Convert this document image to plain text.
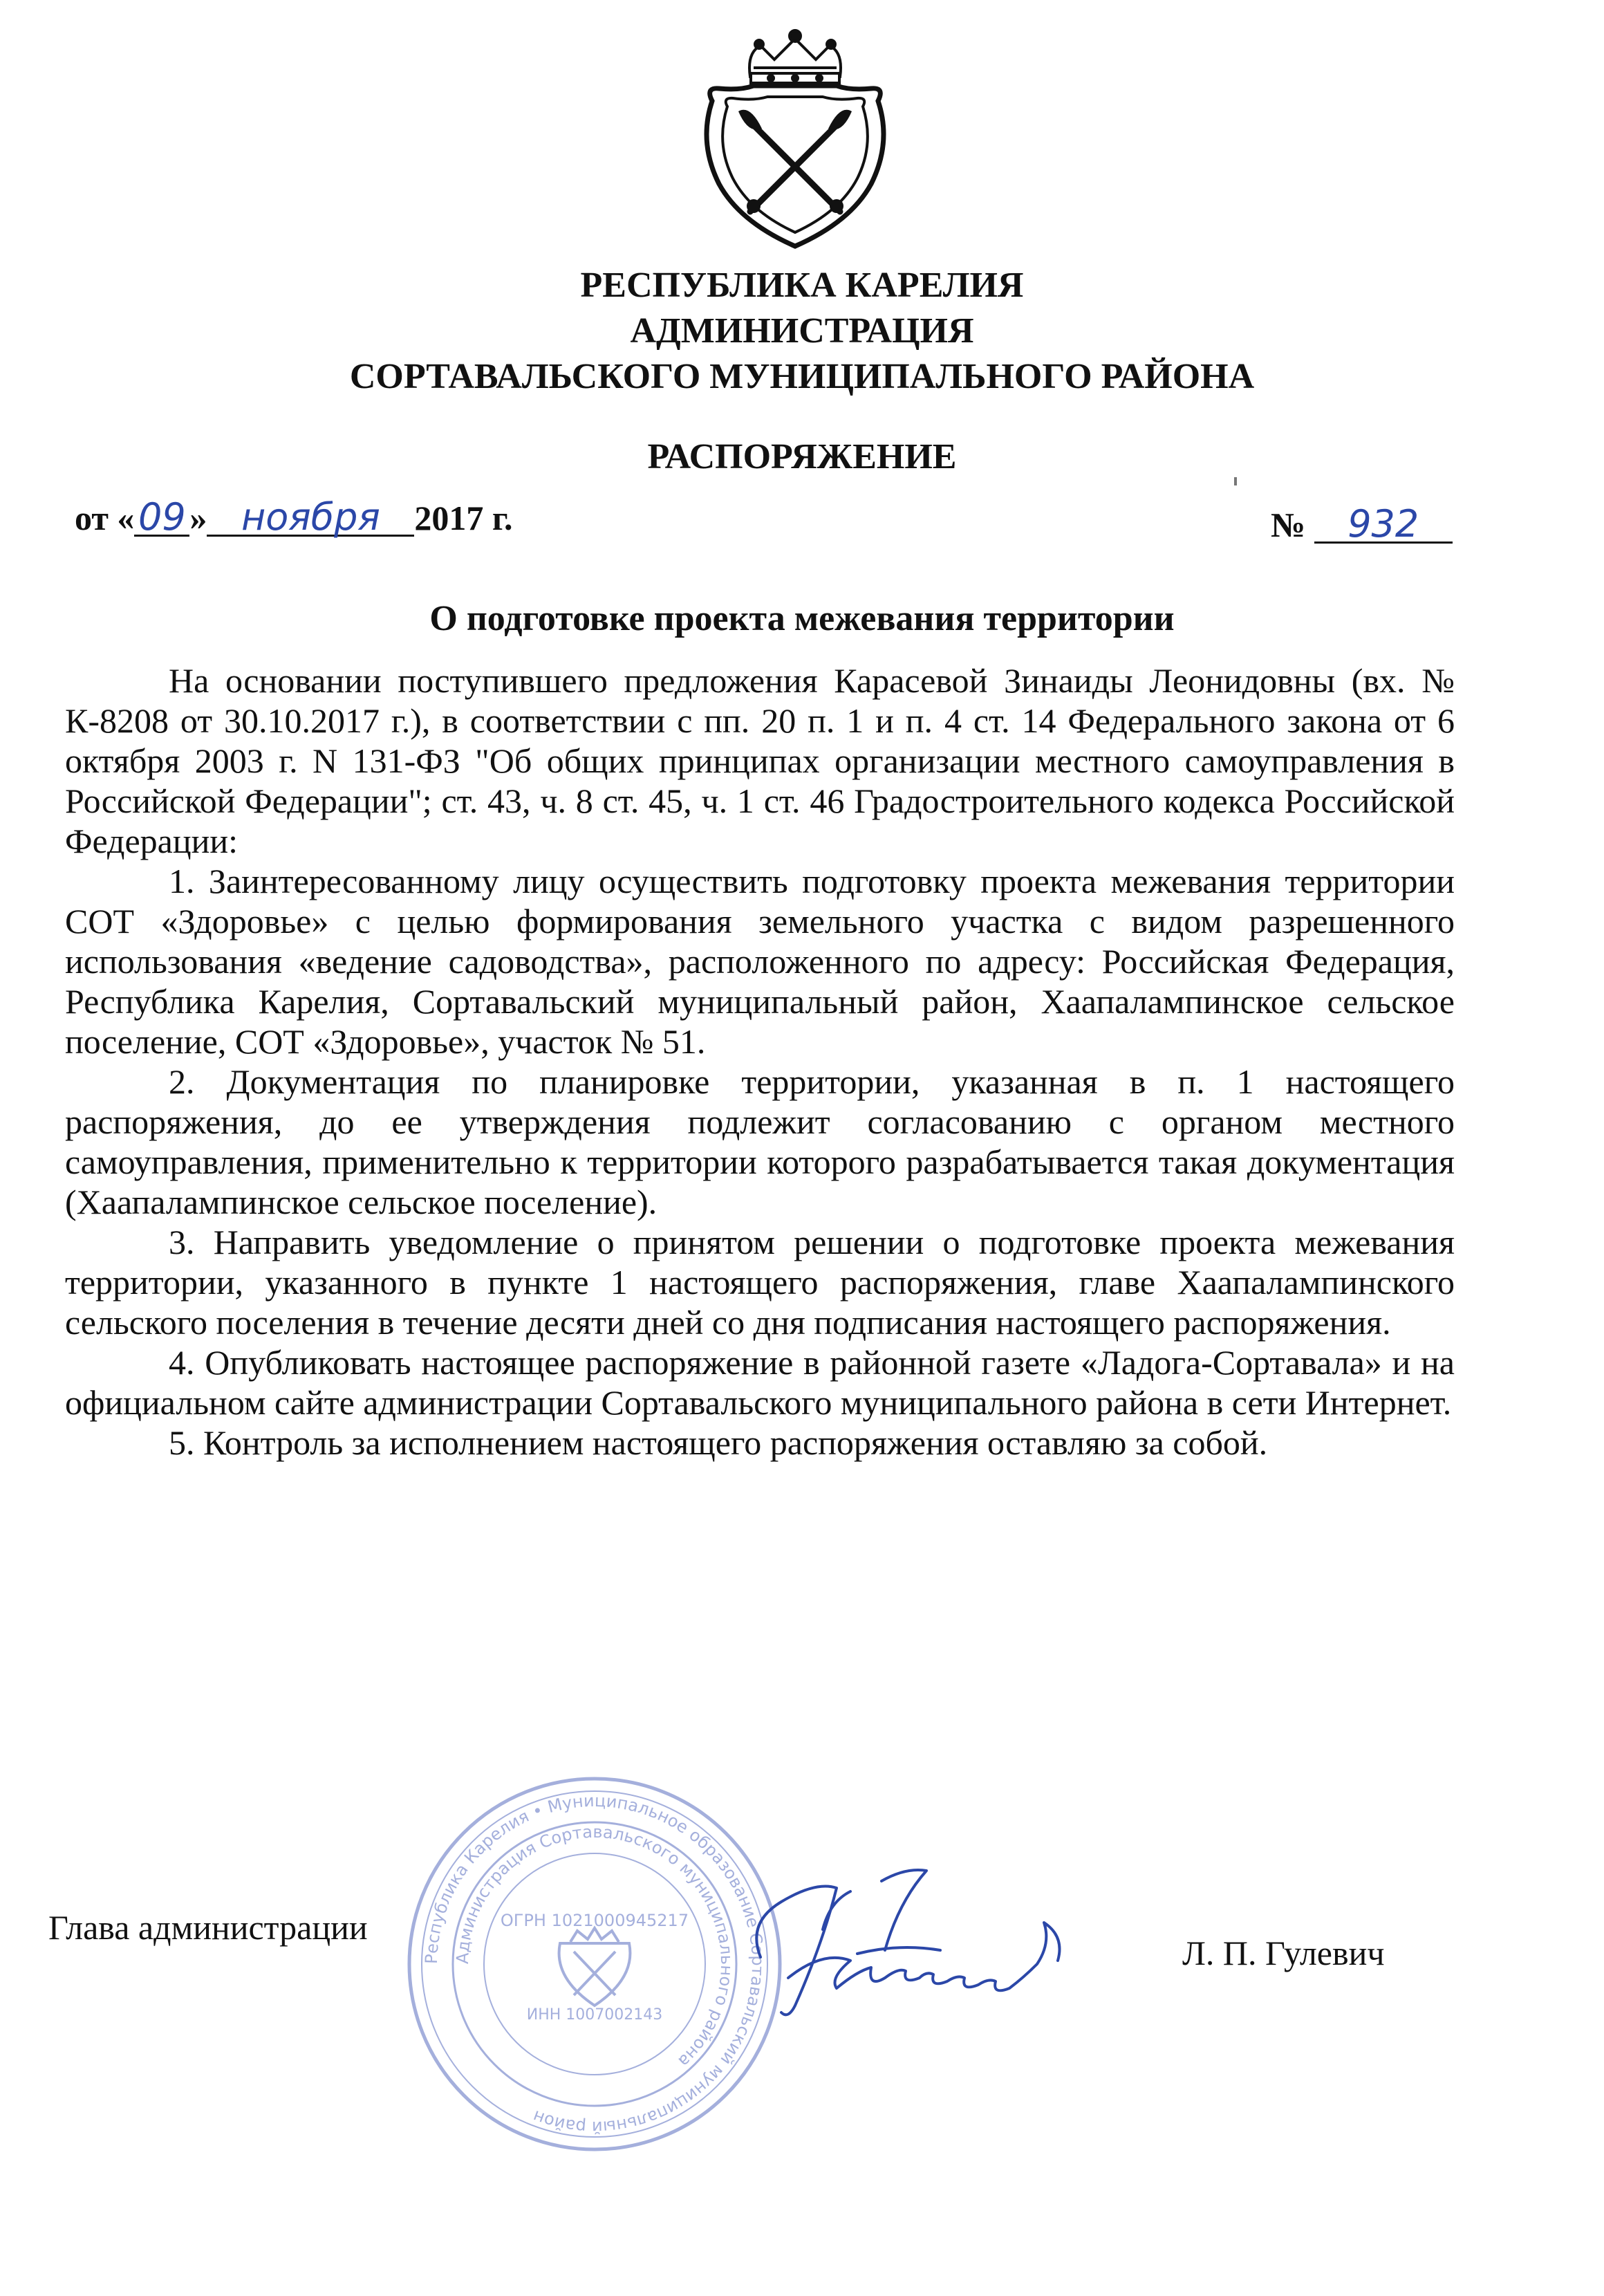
РЕСПУБЛИКА КАРЕЛИЯ
АДМИНИСТРАЦИЯ
СОРТАВАЛЬСКОГО МУНИЦИПАЛЬНОГО РАЙОНА
РАСПОРЯЖЕНИЕ
от « 09 » ноября 2017 г.	№ 932
О подготовке проекта межевания территории

На основании поступившего предложения Карасевой Зинаиды Леонидовны (вх. № К-8208 от 30.10.2017 г.), в соответствии с пп. 20 п. 1 и п. 4 ст. 14 Федерального закона от 6 октября 2003 г. N 131-ФЗ "Об общих принципах организации местного самоуправления в Российской Федерации"; ст. 43, ч. 8 ст. 45, ч. 1 ст. 46 Градостроительного кодекса Российской Федерации:

1. Заинтересованному лицу осуществить подготовку проекта межевания территории СОТ «Здоровье» с целью формирования земельного участка с видом разрешенного использования «ведение садоводства», расположенного по адресу: Российская Федерация, Республика Карелия, Сортавальский муниципальный район, Хаапалампинское сельское поселение, СОТ «Здоровье», участок № 51.

2. Документация по планировке территории, указанная в п. 1 настоящего распоряжения, до ее утверждения подлежит согласованию с органом местного самоуправления, применительно к территории которого разрабатывается такая документация (Хаапалампинское сельское поселение).

3. Направить уведомление о принятом решении о подготовке проекта межевания территории, указанного в пункте 1 настоящего распоряжения, главе Хаапалампинского сельского поселения в течение десяти дней со дня подписания настоящего распоряжения.

4. Опубликовать настоящее распоряжение в районной газете «Ладога-Сортавала» и на официальном сайте администрации Сортавальского муниципального района в сети Интернет.

5. Контроль за исполнением настоящего распоряжения оставляю за собой.

Республика Карелия • Муниципальное образование Сортавальский муниципальный район
Администрация Сортавальского муниципального района
ОГРН 1021000945217
ИНН 1007002143
Глава администрации
Л. П. Гулевич
